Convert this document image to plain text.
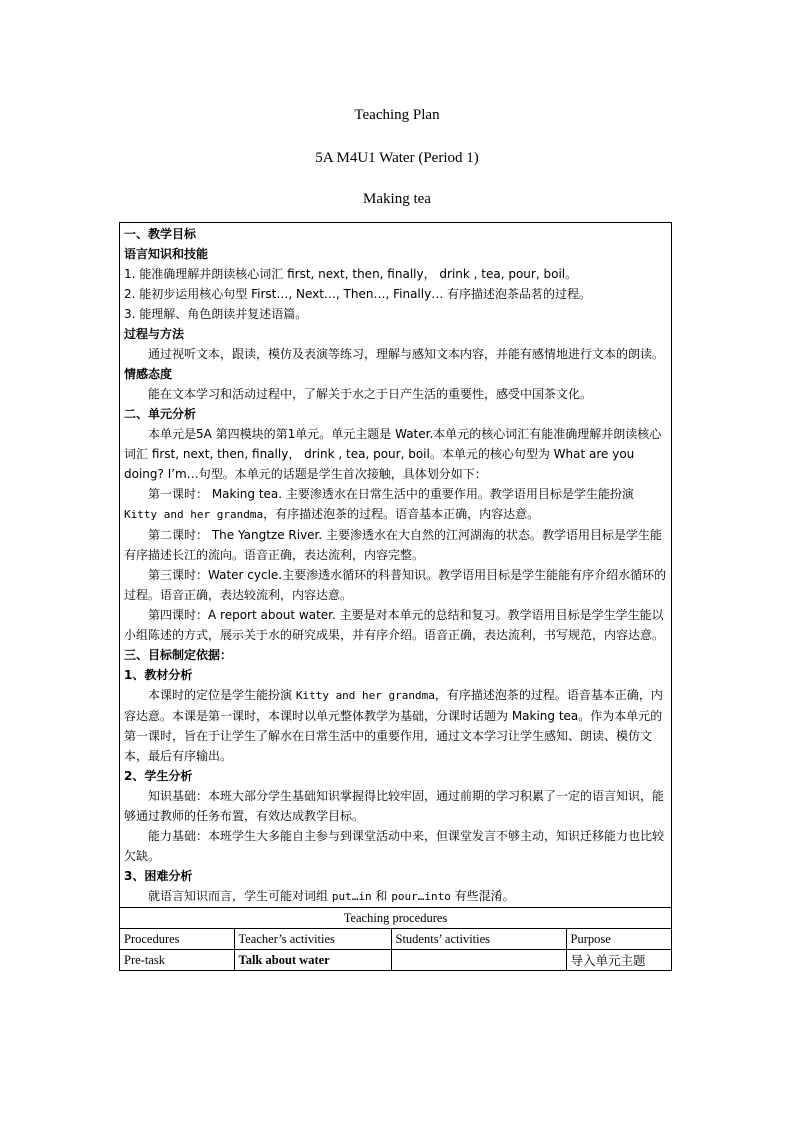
Teaching Plan
5A M4U1 Water (Period 1)
Making tea

一、教学目标

语言知识和技能

1. 能准确理解并朗读核心词汇 first, next, then, finally， drink , tea, pour, boil。

2. 能初步运用核心句型 First…, Next…, Then…, Finally… 有序描述泡茶品茗的过程。

3. 能理解、角色朗读并复述语篇。

过程与方法

通过视听文本，跟读，模仿及表演等练习，理解与感知文本内容，并能有感情地进行文本的朗读。

情感态度

能在文本学习和活动过程中，了解关于水之于日产生活的重要性，感受中国茶文化。

二、单元分析

本单元是5A 第四模块的第1单元。单元主题是 Water.本单元的核心词汇有能准确理解并朗读核心词汇 first, next, then, finally， drink , tea, pour, boil。本单元的核心句型为 What are you doing? I’m…句型。本单元的话题是学生首次接触，具体划分如下：

第一课时： Making tea. 主要渗透水在日常生活中的重要作用。教学语用目标是学生能扮演 Kitty and her grandma，有序描述泡茶的过程。语音基本正确，内容达意。

第二课时： The Yangtze River. 主要渗透水在大自然的江河湖海的状态。教学语用目标是学生能有序描述长江的流向。语音正确，表达流利，内容完整。

第三课时：Water cycle.主要渗透水循环的科普知识。教学语用目标是学生能能有序介绍水循环的过程。语音正确，表达较流利，内容达意。

第四课时：A report about water. 主要是对本单元的总结和复习。教学语用目标是学生学生能以小组陈述的方式，展示关于水的研究成果，并有序介绍。语音正确，表达流利，书写规范，内容达意。

三、目标制定依据：

1、教材分析

本课时的定位是学生能扮演 Kitty and her grandma，有序描述泡茶的过程。语音基本正确，内容达意。本课是第一课时，本课时以单元整体教学为基础，分课时话题为 Making tea。作为本单元的第一课时，旨在于让学生了解水在日常生活中的重要作用，通过文本学习让学生感知、朗读、模仿文本，最后有序输出。

2、学生分析

知识基础：本班大部分学生基础知识掌握得比较牢固，通过前期的学习积累了一定的语言知识，能够通过教师的任务布置，有效达成教学目标。

能力基础：本班学生大多能自主参与到课堂活动中来，但课堂发言不够主动，知识迁移能力也比较欠缺。

3、困难分析

就语言知识而言，学生可能对词组 put…in 和 pour…into 有些混淆。

Teaching procedures			
Procedures	Teacher’s activities	Students’ activities	Purpose
Pre-task	Talk about water		导入单元主题
